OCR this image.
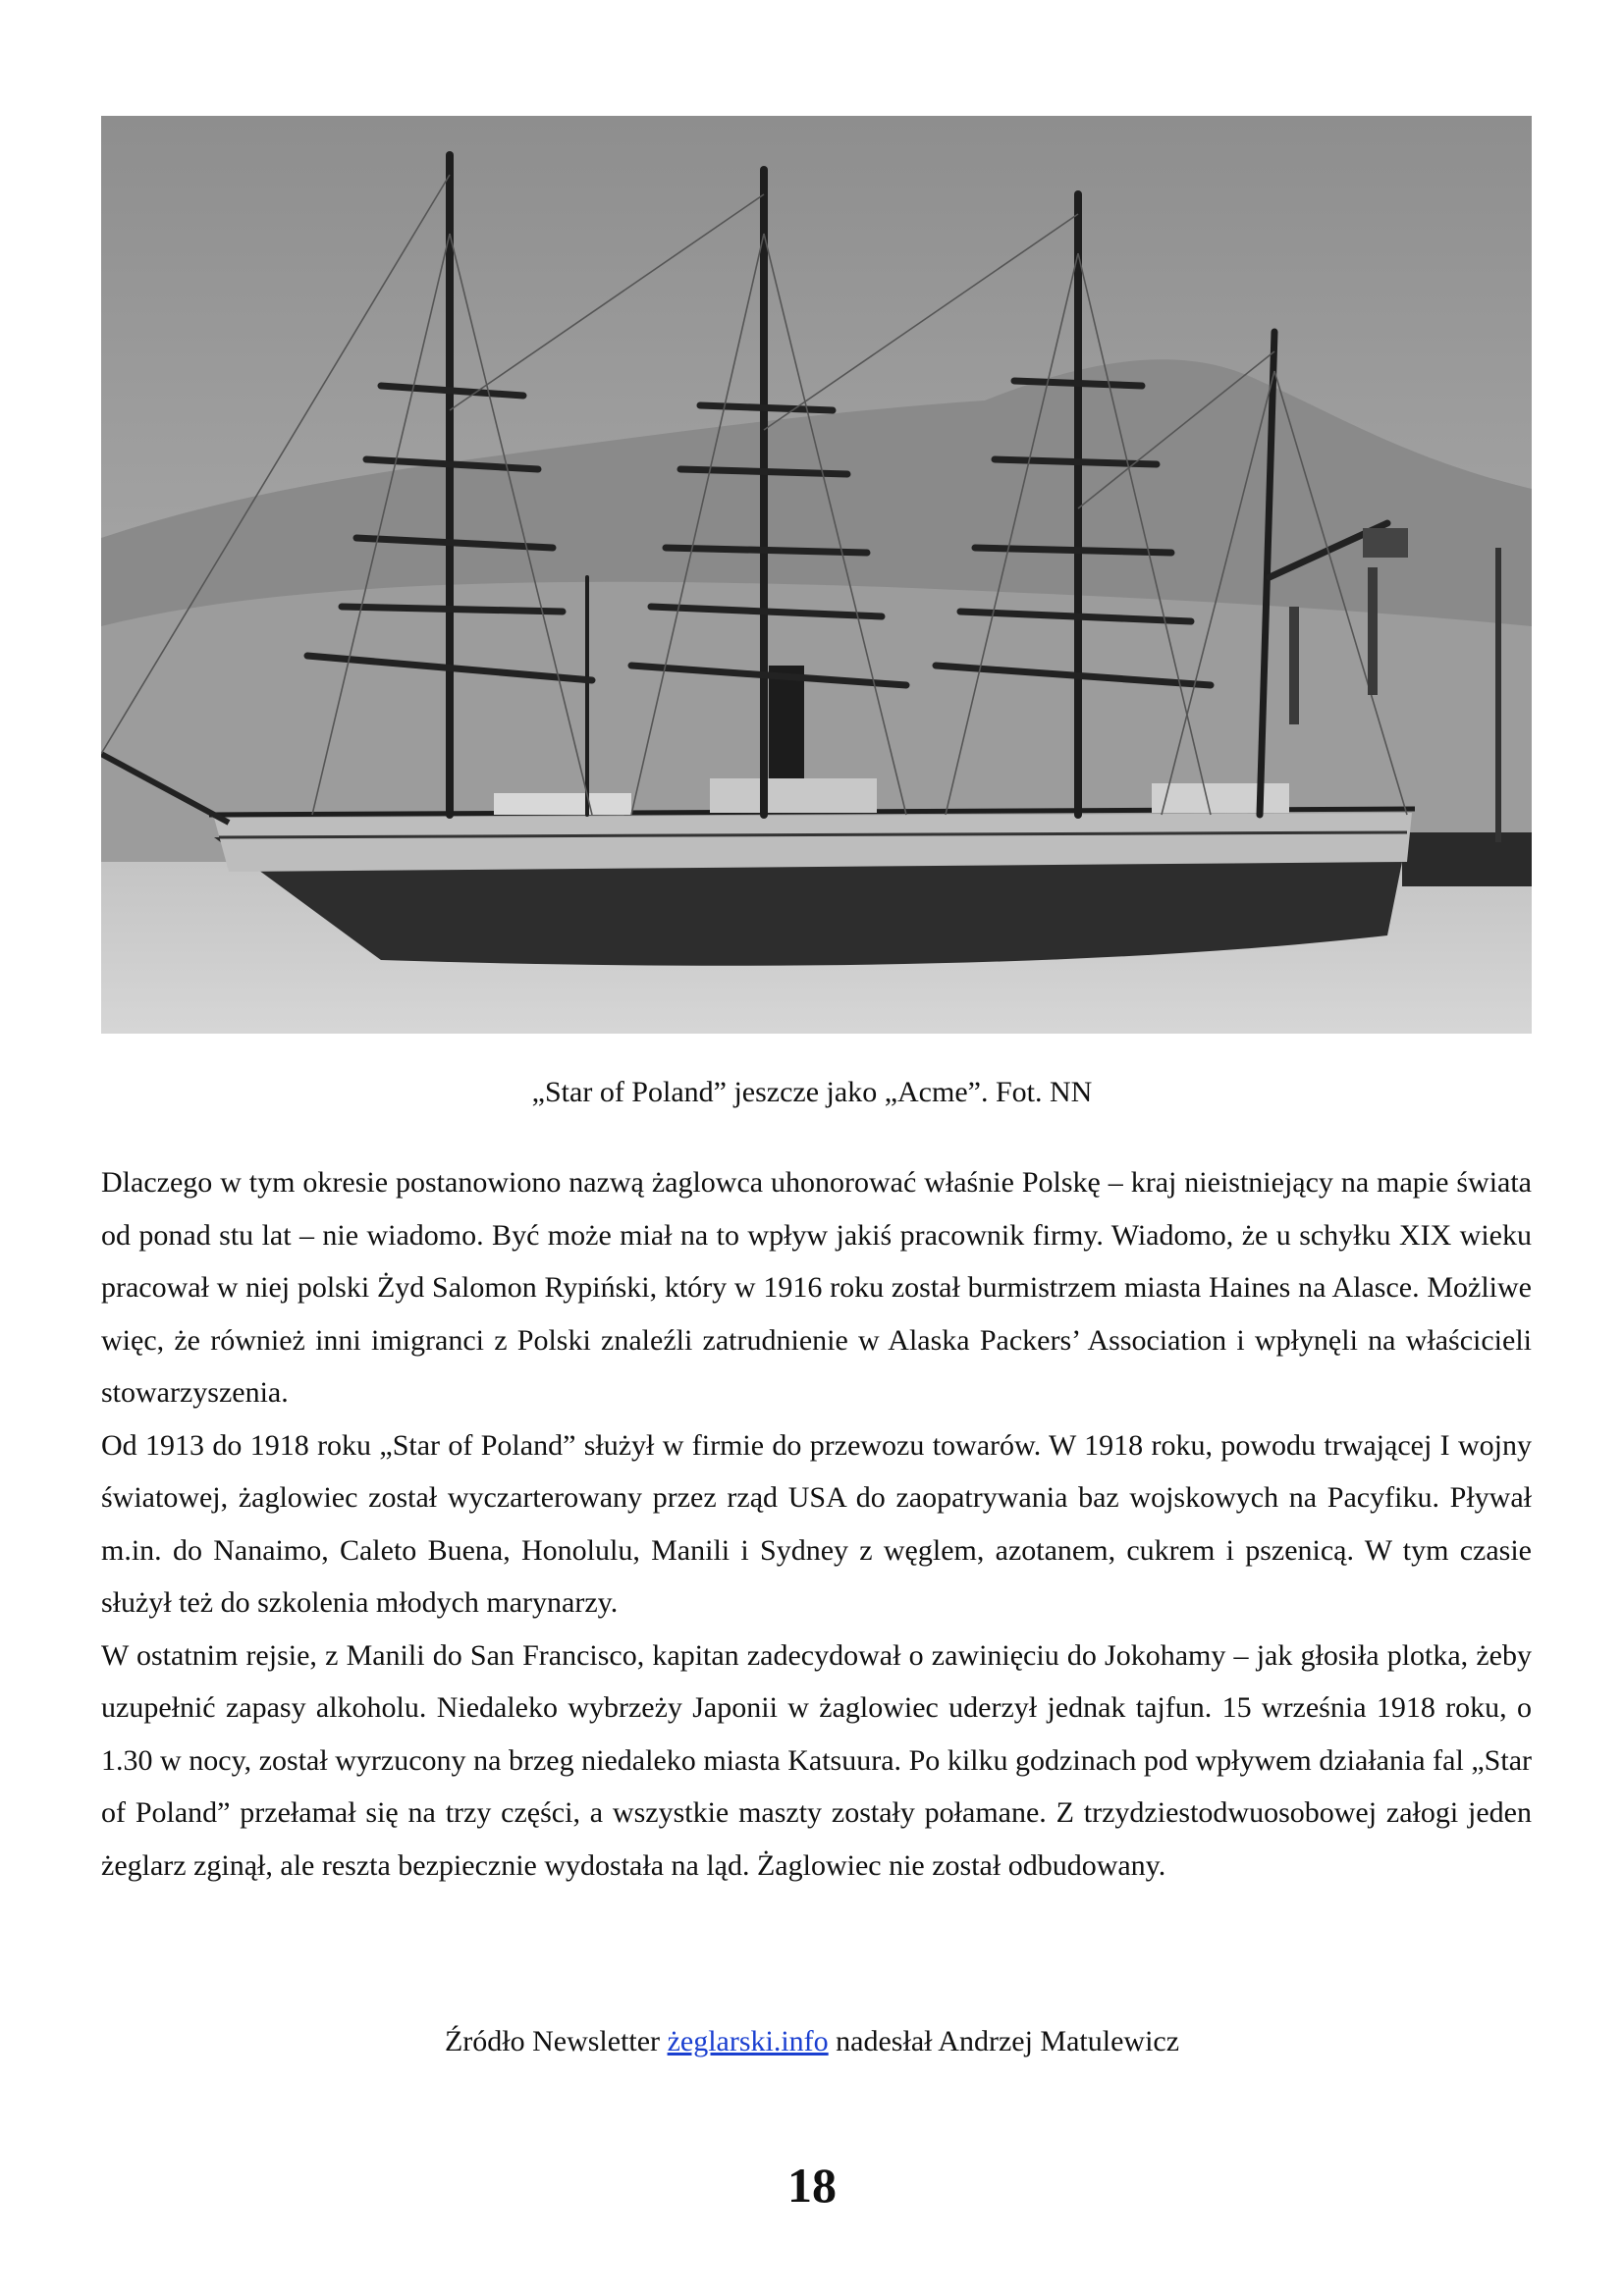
„Star of Poland” jeszcze jako „Acme”. Fot. NN

Dlaczego w tym okresie postanowiono nazwą żaglowca uhonorować właśnie Polskę – kraj nieistniejący na mapie świata od ponad stu lat – nie wiadomo. Być może miał na to wpływ jakiś pracownik firmy. Wiadomo, że u schyłku XIX wieku pracował w niej polski Żyd Salomon Rypiński, który w 1916 roku został burmistrzem miasta Haines na Alasce. Możliwe więc, że również inni imigranci z Polski znaleźli zatrudnienie w Alaska Packers’ Association i wpłynęli na właścicieli stowarzyszenia.

Od 1913 do 1918 roku „Star of Poland” służył w firmie do przewozu towarów. W 1918 roku, powodu trwającej I wojny światowej, żaglowiec został wyczarterowany przez rząd USA do zaopatrywania baz wojskowych na Pacyfiku. Pływał m.in. do Nanaimo, Caleto Buena, Honolulu, Manili i Sydney z węglem, azotanem, cukrem i pszenicą. W tym czasie służył też do szkolenia młodych marynarzy.

W ostatnim rejsie, z Manili do San Francisco, kapitan zadecydował o zawinięciu do Jokohamy – jak głosiła plotka, żeby uzupełnić zapasy alkoholu. Niedaleko wybrzeży Japonii w żaglowiec uderzył jednak tajfun. 15 września 1918 roku, o 1.30 w nocy, został wyrzucony na brzeg niedaleko miasta Katsuura. Po kilku godzinach pod wpływem działania fal „Star of Poland” przełamał się na trzy części, a wszystkie maszty zostały połamane. Z trzydziestodwuosobowej załogi jeden żeglarz zginął, ale reszta bezpiecznie wydostała na ląd. Żaglowiec nie został odbudowany.

Źródło Newsletter żeglarski.info nadesłał Andrzej Matulewicz
18
